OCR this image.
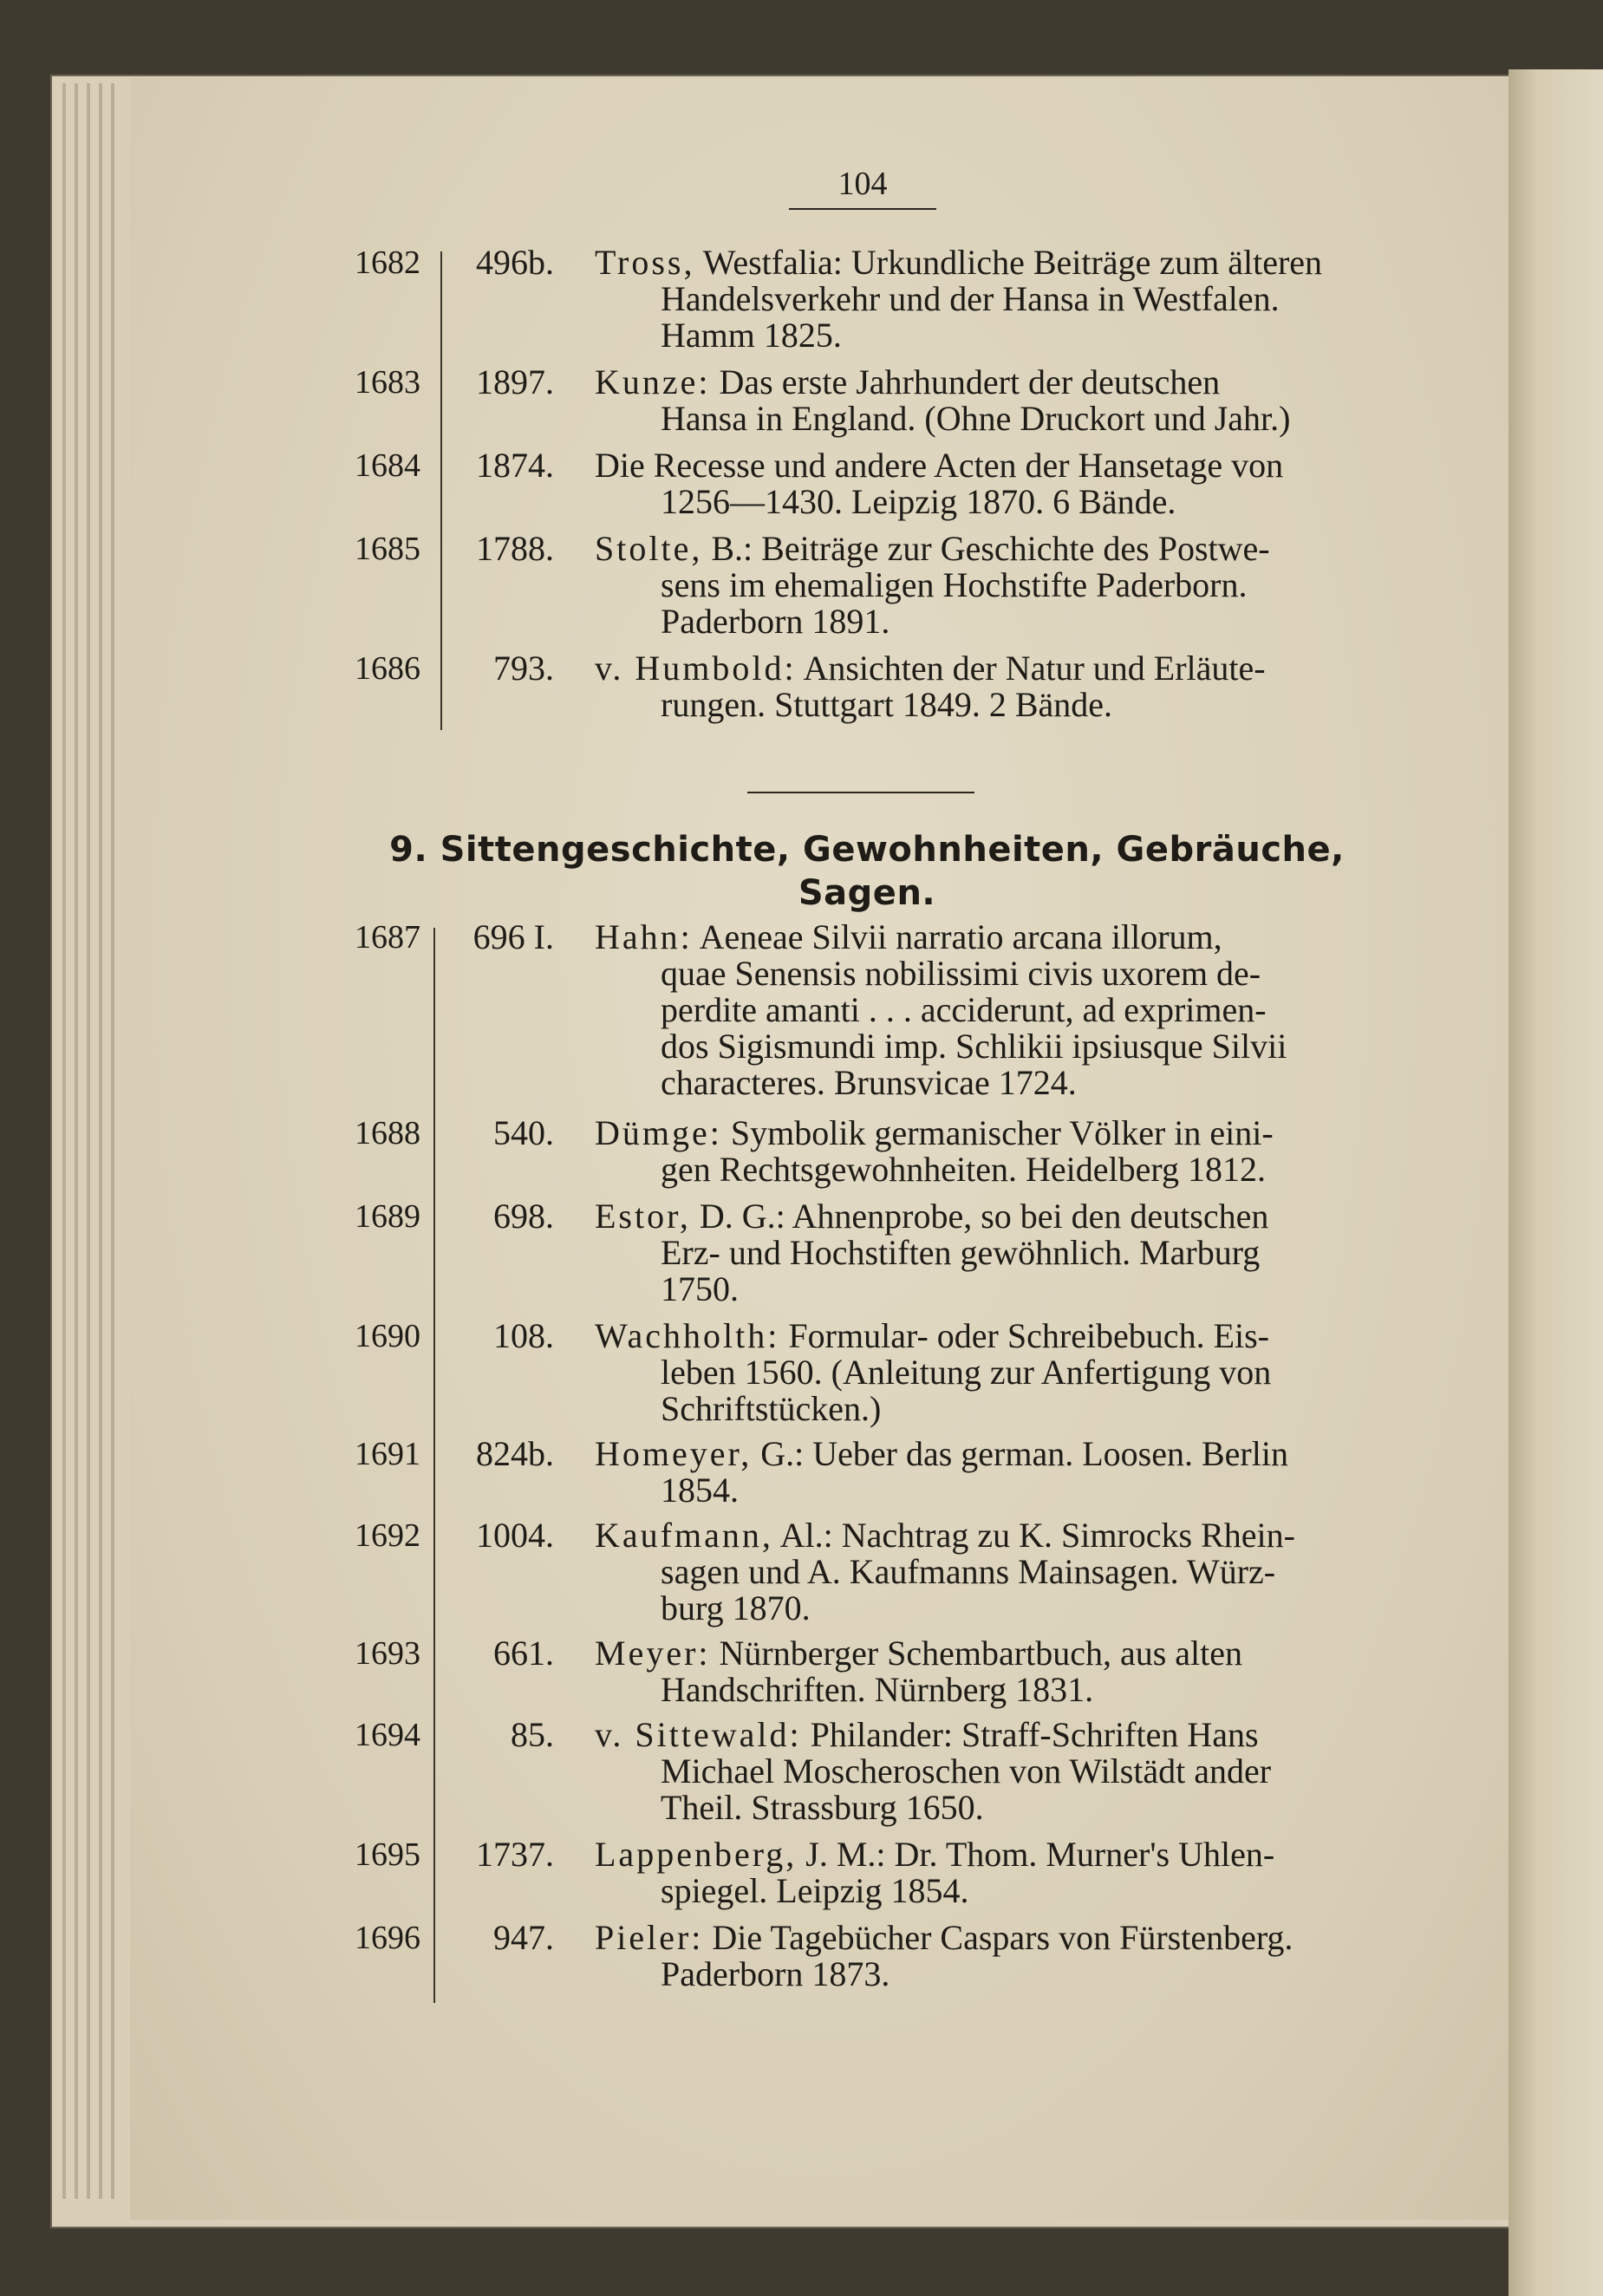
104
1682 496b. Tross, Westfalia: Urkundliche Beiträge zum älteren
Handelsverkehr und der Hansa in Westfalen.
Hamm 1825.
1683 1897. Kunze: Das erste Jahrhundert der deutschen
Hansa in England. (Ohne Druckort und Jahr.)
1684 1874. Die Recesse und andere Acten der Hansetage von
1256—1430. Leipzig 1870. 6 Bände.
1685 1788. Stolte, B.: Beiträge zur Geschichte des Postwe-
sens im ehemaligen Hochstifte Paderborn.
Paderborn 1891.
1686 793. v. Humbold: Ansichten der Natur und Erläute-
rungen. Stuttgart 1849. 2 Bände.
9. Sittengeschichte, Gewohnheiten, Gebräuche,
Sagen.
1687 696 I. Hahn: Aeneae Silvii narratio arcana illorum,
quae Senensis nobilissimi civis uxorem de-
perdite amanti . . . acciderunt, ad exprimen-
dos Sigismundi imp. Schlikii ipsiusque Silvii
characteres. Brunsvicae 1724.
1688 540. Dümge: Symbolik germanischer Völker in eini-
gen Rechtsgewohnheiten. Heidelberg 1812.
1689 698. Estor, D. G.: Ahnenprobe, so bei den deutschen
Erz- und Hochstiften gewöhnlich. Marburg
1750.
1690 108. Wachholth: Formular- oder Schreibebuch. Eis-
leben 1560. (Anleitung zur Anfertigung von
Schriftstücken.)
1691 824b. Homeyer, G.: Ueber das german. Loosen. Berlin
1854.
1692 1004. Kaufmann, Al.: Nachtrag zu K. Simrocks Rhein-
sagen und A. Kaufmanns Mainsagen. Würz-
burg 1870.
1693 661. Meyer: Nürnberger Schembartbuch, aus alten
Handschriften. Nürnberg 1831.
1694	85. v. Sittewald: Philander: Straff-Schriften Hans
Michael Moscheroschen von Wilstädt ander
Theil. Strassburg 1650.
1695 1737. Lappenberg, J. M.: Dr. Thom. Murner's Uhlen-
spiegel. Leipzig 1854.
1696 947. Pieler: Die Tagebücher Caspars von Fürstenberg.
Paderborn 1873.
